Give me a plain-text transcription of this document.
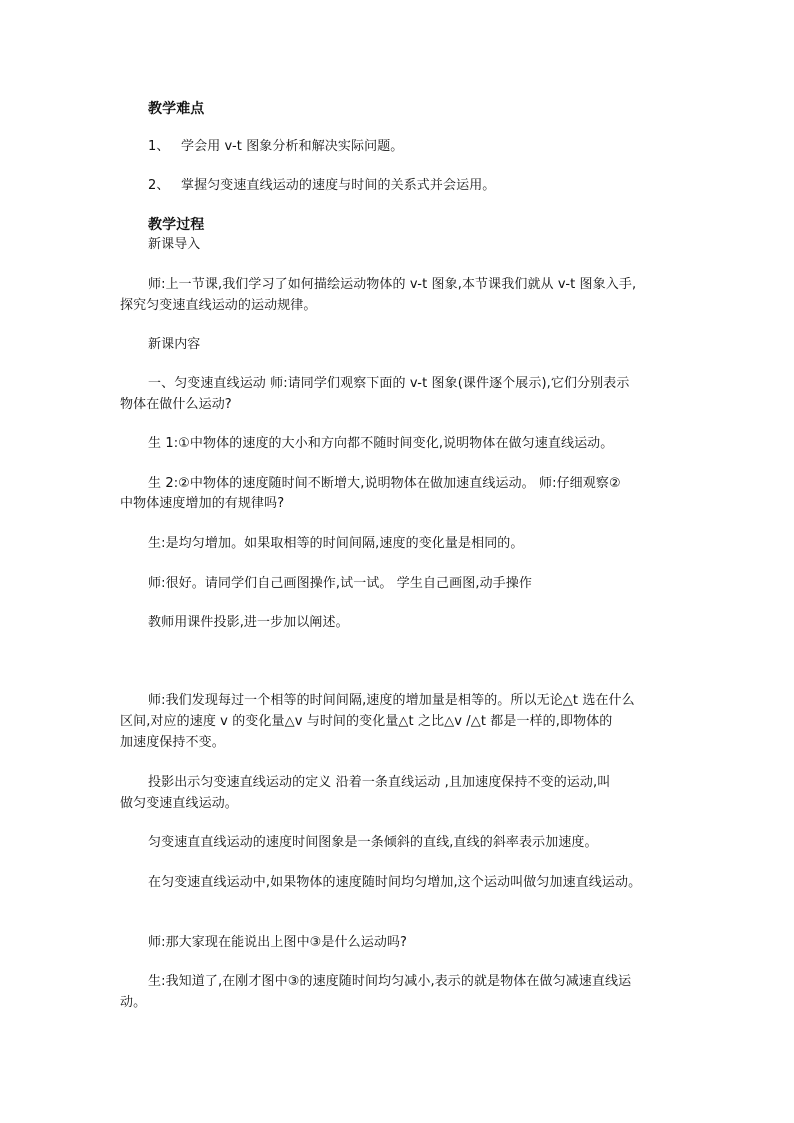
教学难点
1、 学会用 v-t 图象分析和解决实际问题。
2、 掌握匀变速直线运动的速度与时间的关系式并会运用。
教学过程
新课导入
师:上一节课,我们学习了如何描绘运动物体的 v-t 图象,本节课我们就从 v-t 图象入手,
探究匀变速直线运动的运动规律。
新课内容
一、匀变速直线运动 师:请同学们观察下面的 v-t 图象(课件逐个展示),它们分别表示
物体在做什么运动?
生 1:①中物体的速度的大小和方向都不随时间变化,说明物体在做匀速直线运动。
生 2:②中物体的速度随时间不断增大,说明物体在做加速直线运动。 师:仔细观察②
中物体速度增加的有规律吗?
生:是均匀增加。如果取相等的时间间隔,速度的变化量是相同的。
师:很好。请同学们自己画图操作,试一试。 学生自己画图,动手操作
教师用课件投影,进一步加以阐述。
师:我们发现每过一个相等的时间间隔,速度的增加量是相等的。所以无论△t 选在什么
区间,对应的速度 v 的变化量△v 与时间的变化量△t 之比△v /△t 都是一样的,即物体的
加速度保持不变。
投影出示匀变速直线运动的定义 沿着一条直线运动 ,且加速度保持不变的运动,叫
做匀变速直线运动。
匀变速直直线运动的速度时间图象是一条倾斜的直线,直线的斜率表示加速度。
在匀变速直线运动中,如果物体的速度随时间均匀增加,这个运动叫做匀加速直线运动。
师:那大家现在能说出上图中③是什么运动吗?
生:我知道了,在刚才图中③的速度随时间均匀减小,表示的就是物体在做匀减速直线运
动。
